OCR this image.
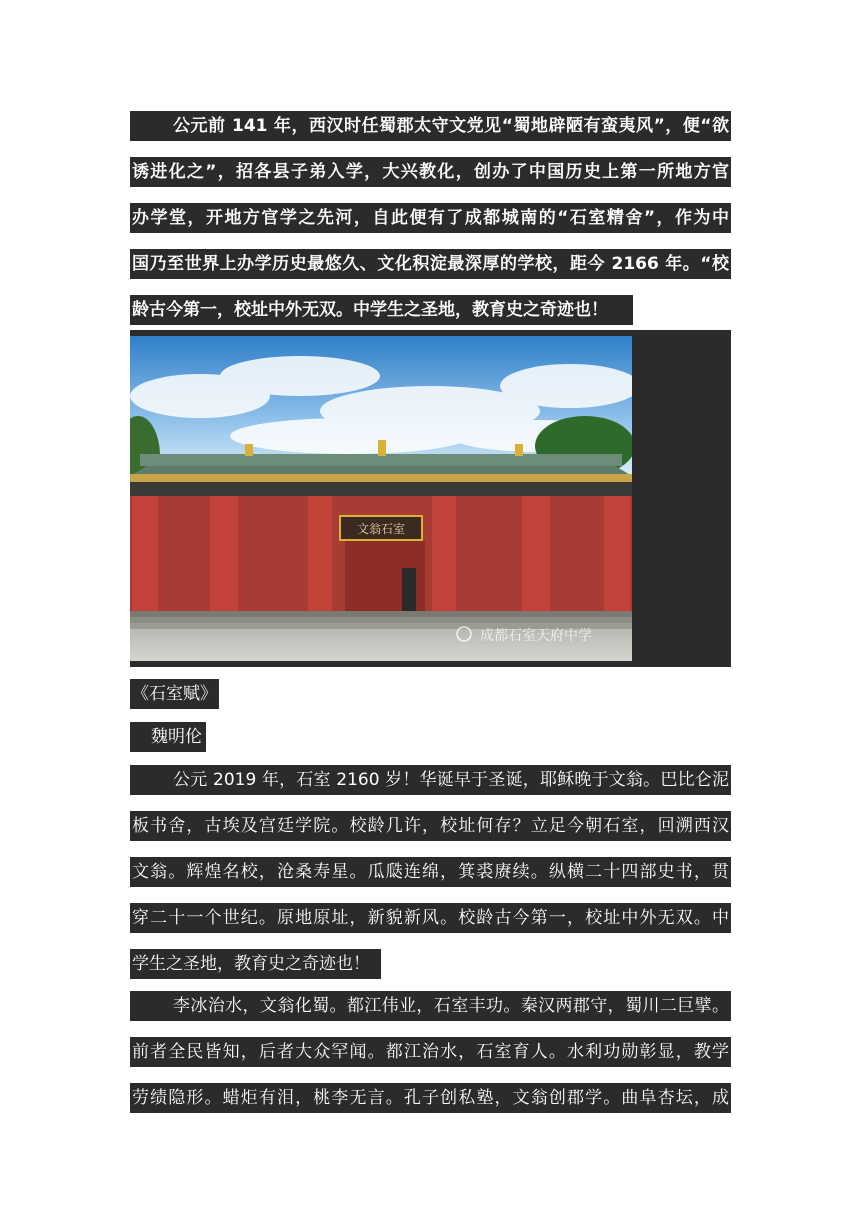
公元前 141 年，西汉时任蜀郡太守文党见“蜀地辟陋有蛮夷风”，便“欲
诱进化之”，招各县子弟入学，大兴教化，创办了中国历史上第一所地方官
办学堂，开地方官学之先河，自此便有了成都城南的“石室精舍”，作为中
国乃至世界上办学历史最悠久、文化积淀最深厚的学校，距今 2166 年。“校
龄古今第一，校址中外无双。中学生之圣地，教育史之奇迹也！
文翁石室
成都石室天府中学
《石室赋》
魏明伦
公元 2019 年，石室 2160 岁！华诞早于圣诞，耶稣晚于文翁。巴比仑泥
板书舍，古埃及宫廷学院。校龄几许，校址何存？立足今朝石室，回溯西汉
文翁。辉煌名校，沧桑寿星。瓜瓞连绵，箕裘赓续。纵横二十四部史书，贯
穿二十一个世纪。原地原址，新貌新风。校龄古今第一，校址中外无双。中
学生之圣地，教育史之奇迹也！
李冰治水，文翁化蜀。都江伟业，石室丰功。秦汉两郡守，蜀川二巨擘。
前者全民皆知，后者大众罕闻。都江治水，石室育人。水利功勋彰显，教学
劳绩隐形。蜡炬有泪，桃李无言。孔子创私塾，文翁创郡学。曲阜杏坛，成
